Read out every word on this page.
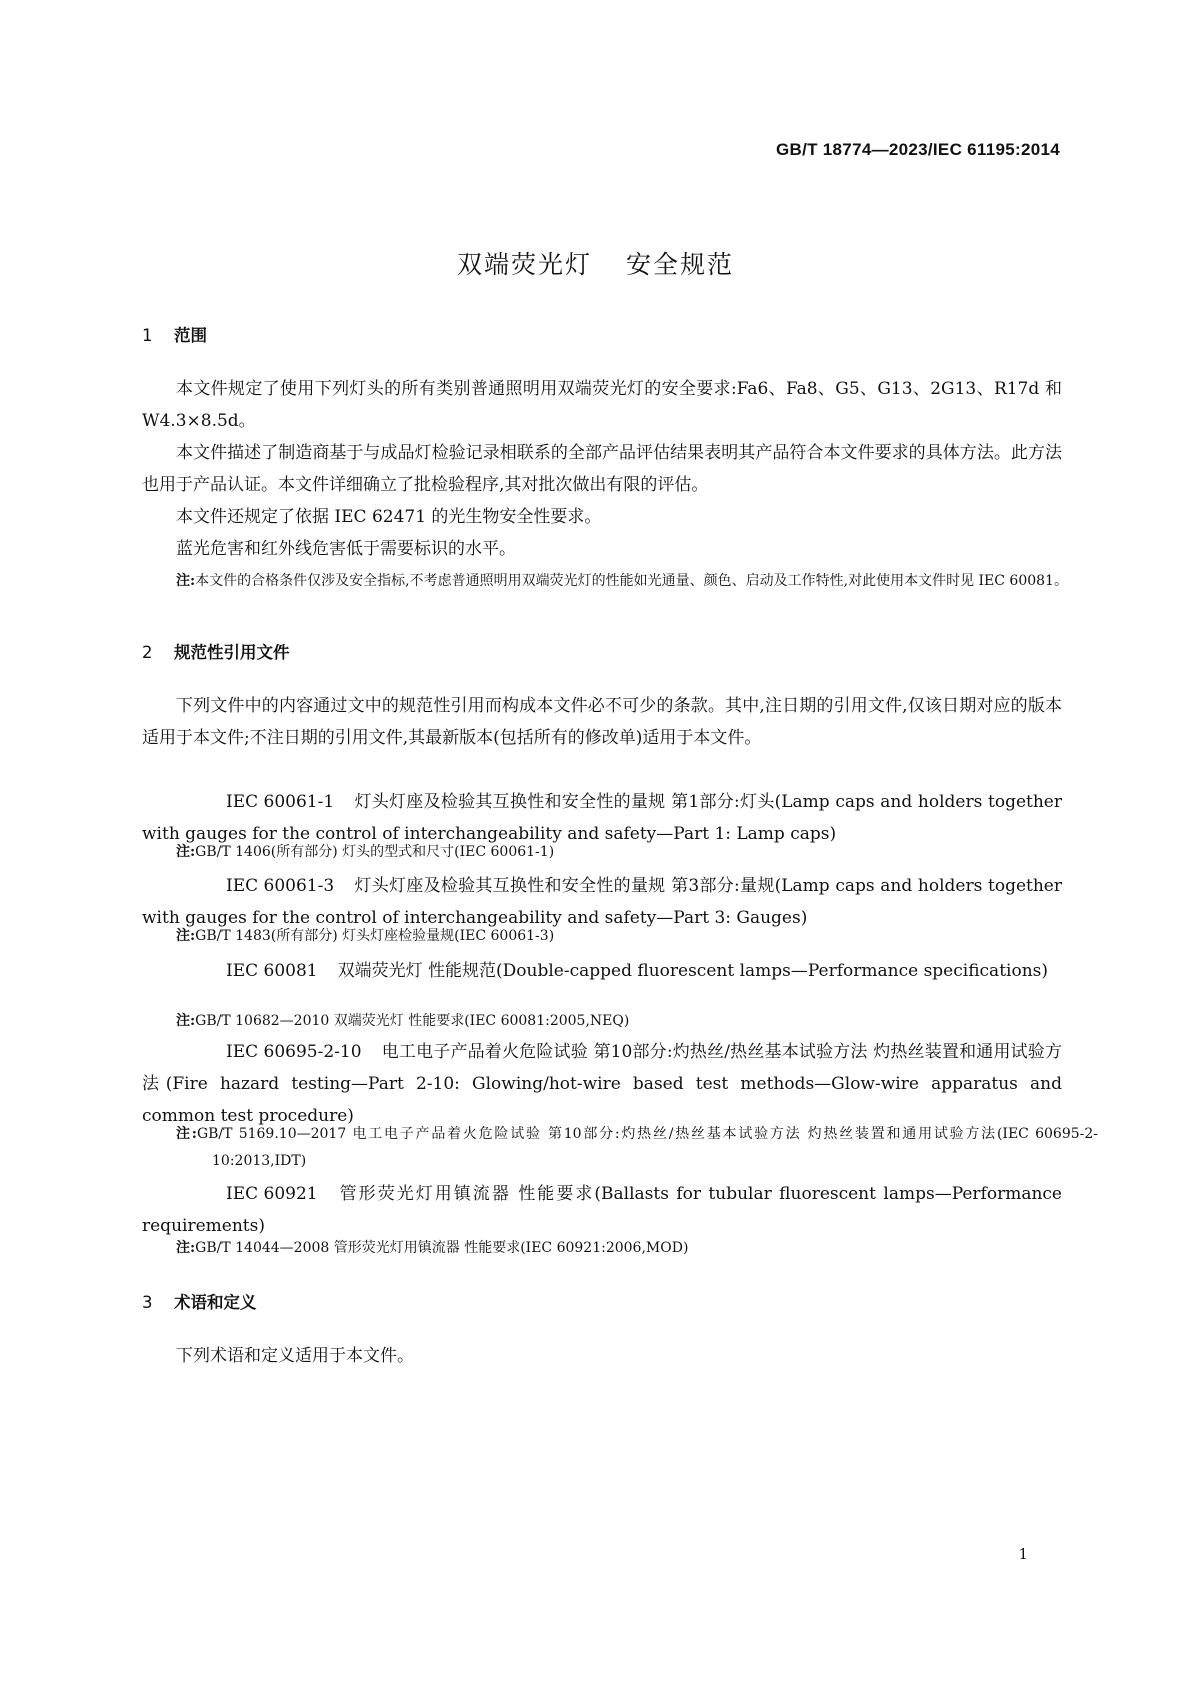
GB/T 18774—2023/IEC 61195:2014
双端荧光灯 安全规范
1 范围
本文件规定了使用下列灯头的所有类别普通照明用双端荧光灯的安全要求:Fa6、Fa8、G5、G13、2G13、R17d 和 W4.3×8.5d。
本文件描述了制造商基于与成品灯检验记录相联系的全部产品评估结果表明其产品符合本文件要求的具体方法。此方法也用于产品认证。本文件详细确立了批检验程序,其对批次做出有限的评估。
本文件还规定了依据 IEC 62471 的光生物安全性要求。
蓝光危害和红外线危害低于需要标识的水平。
注:本文件的合格条件仅涉及安全指标,不考虑普通照明用双端荧光灯的性能如光通量、颜色、启动及工作特性,对此使用本文件时见 IEC 60081。
2 规范性引用文件
下列文件中的内容通过文中的规范性引用而构成本文件必不可少的条款。其中,注日期的引用文件,仅该日期对应的版本适用于本文件;不注日期的引用文件,其最新版本(包括所有的修改单)适用于本文件。
IEC 60061-1 灯头灯座及检验其互换性和安全性的量规 第1部分:灯头(Lamp caps and holders together with gauges for the control of interchangeability and safety—Part 1: Lamp caps)
注:GB/T 1406(所有部分) 灯头的型式和尺寸(IEC 60061-1)
IEC 60061-3 灯头灯座及检验其互换性和安全性的量规 第3部分:量规(Lamp caps and holders together with gauges for the control of interchangeability and safety—Part 3: Gauges)
注:GB/T 1483(所有部分) 灯头灯座检验量规(IEC 60061-3)
IEC 60081 双端荧光灯 性能规范(Double-capped fluorescent lamps—Performance specifications)
注:GB/T 10682—2010 双端荧光灯 性能要求(IEC 60081:2005,NEQ)
IEC 60695-2-10 电工电子产品着火危险试验 第10部分:灼热丝/热丝基本试验方法 灼热丝装置和通用试验方法(Fire hazard testing—Part 2-10: Glowing/hot-wire based test methods—Glow-wire apparatus and common test procedure)
注:GB/T 5169.10—2017 电工电子产品着火危险试验 第10部分:灼热丝/热丝基本试验方法 灼热丝装置和通用试验方法(IEC 60695-2-10:2013,IDT)
IEC 60921 管形荧光灯用镇流器 性能要求(Ballasts for tubular fluorescent lamps—Performance requirements)
注:GB/T 14044—2008 管形荧光灯用镇流器 性能要求(IEC 60921:2006,MOD)
3 术语和定义
下列术语和定义适用于本文件。
1
